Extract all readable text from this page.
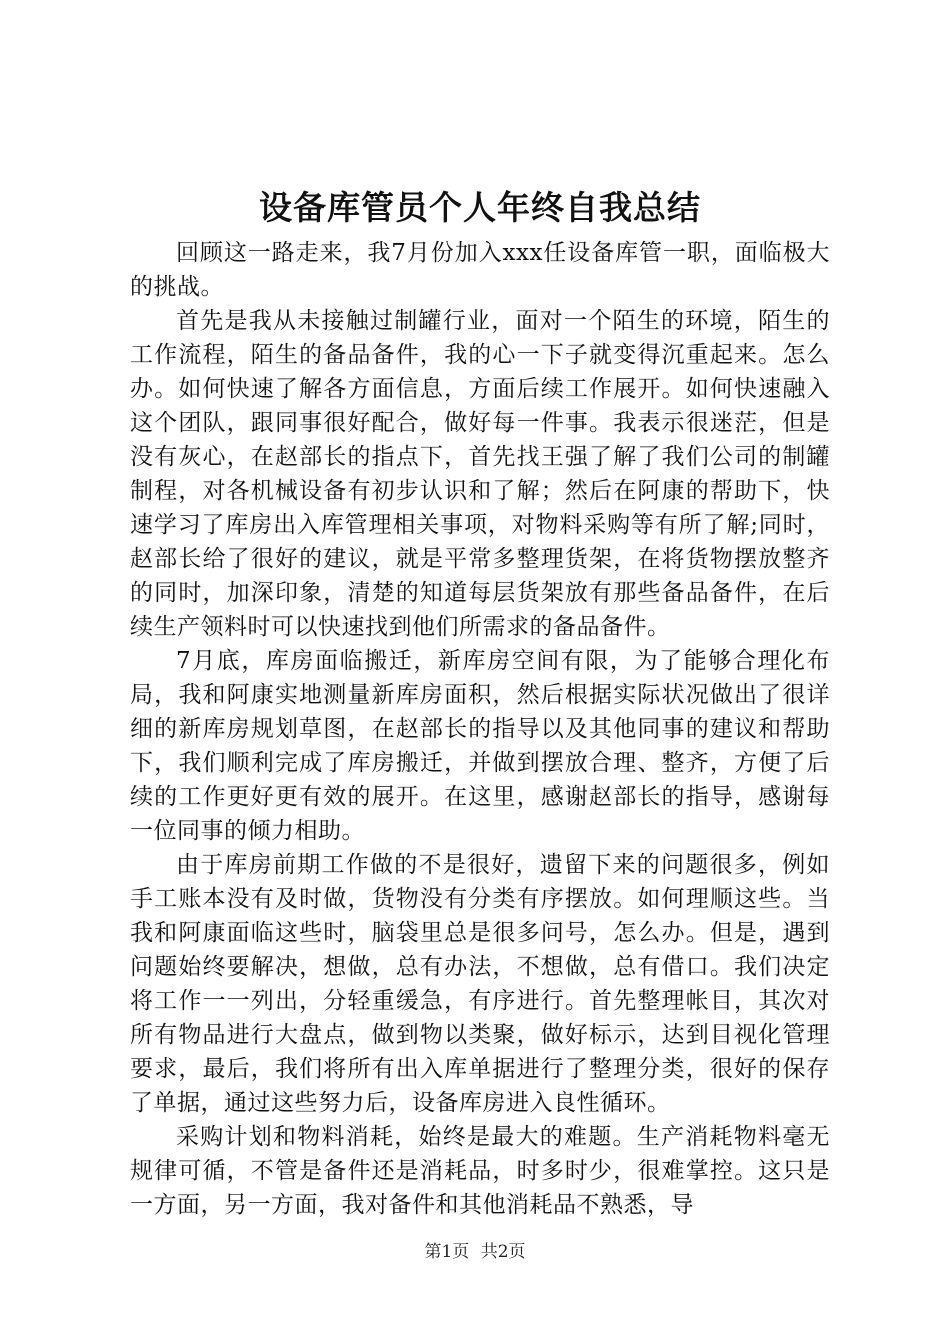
设备库管员个人年终自我总结

回顾这一路走来，我7月份加入xxx任设备库管一职，面临极大的挑战。

首先是我从未接触过制罐行业，面对一个陌生的环境，陌生的工作流程，陌生的备品备件，我的心一下子就变得沉重起来。怎么办。如何快速了解各方面信息，方面后续工作展开。如何快速融入这个团队，跟同事很好配合，做好每一件事。我表示很迷茫，但是没有灰心，在赵部长的指点下，首先找王强了解了我们公司的制罐制程，对各机械设备有初步认识和了解；然后在阿康的帮助下，快速学习了库房出入库管理相关事项，对物料采购等有所了解;同时，赵部长给了很好的建议，就是平常多整理货架，在将货物摆放整齐的同时，加深印象，清楚的知道每层货架放有那些备品备件，在后续生产领料时可以快速找到他们所需求的备品备件。

7月底，库房面临搬迁，新库房空间有限，为了能够合理化布局，我和阿康实地测量新库房面积，然后根据实际状况做出了很详细的新库房规划草图，在赵部长的指导以及其他同事的建议和帮助下，我们顺利完成了库房搬迁，并做到摆放合理、整齐，方便了后续的工作更好更有效的展开。在这里，感谢赵部长的指导，感谢每一位同事的倾力相助。

由于库房前期工作做的不是很好，遗留下来的问题很多，例如手工账本没有及时做，货物没有分类有序摆放。如何理顺这些。当我和阿康面临这些时，脑袋里总是很多问号，怎么办。但是，遇到问题始终要解决，想做，总有办法，不想做，总有借口。我们决定将工作一一列出，分轻重缓急，有序进行。首先整理帐目，其次对所有物品进行大盘点，做到物以类聚，做好标示，达到目视化管理要求，最后，我们将所有出入库单据进行了整理分类，很好的保存了单据，通过这些努力后，设备库房进入良性循环。

采购计划和物料消耗，始终是最大的难题。生产消耗物料毫无规律可循，不管是备件还是消耗品，时多时少，很难掌控。这只是一方面，另一方面，我对备件和其他消耗品不熟悉，导

第1页 共2页
